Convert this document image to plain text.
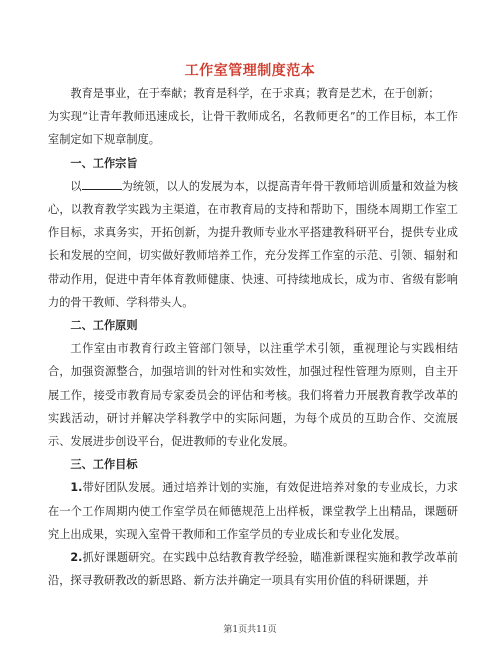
工作室管理制度范本

教育是事业，在于奉献；教育是科学，在于求真；教育是艺术，在于创新；

为实现“让青年教师迅速成长，让骨干教师成名，名教师更名”的工作目标，本工作室制定如下规章制度。

一、工作宗旨

以	为统领，以人的发展为本，以提高青年骨干教师培训质量和效益为核心，以教育教学实践为主渠道，在市教育局的支持和帮助下，围绕本周期工作室工作目标，求真务实，开拓创新，为提升教师专业水平搭建教科研平台，提供专业成长和发展的空间，切实做好教师培养工作，充分发挥工作室的示范、引领、辐射和带动作用，促进中青年体育教师健康、快速、可持续地成长，成为市、省级有影响力的骨干教师、学科带头人。

二、工作原则

工作室由市教育行政主管部门领导，以注重学术引领，重视理论与实践相结合，加强资源整合，加强培训的针对性和实效性，加强过程性管理为原则，自主开展工作，接受市教育局专家委员会的评估和考核。我们将着力开展教育教学改革的实践活动，研讨并解决学科教学中的实际问题，为每个成员的互助合作、交流展示、发展进步创设平台，促进教师的专业化发展。

三、工作目标

1.带好团队发展。通过培养计划的实施，有效促进培养对象的专业成长，力求在一个工作周期内使工作室学员在师德规范上出样板，课堂教学上出精品，课题研究上出成果，实现入室骨干教师和工作室学员的专业成长和专业化发展。

2.抓好课题研究。在实践中总结教育教学经验，瞄准新课程实施和教学改革前沿，探寻教研教改的新思路、新方法并确定一项具有实用价值的科研课题，并

第1页共11页
